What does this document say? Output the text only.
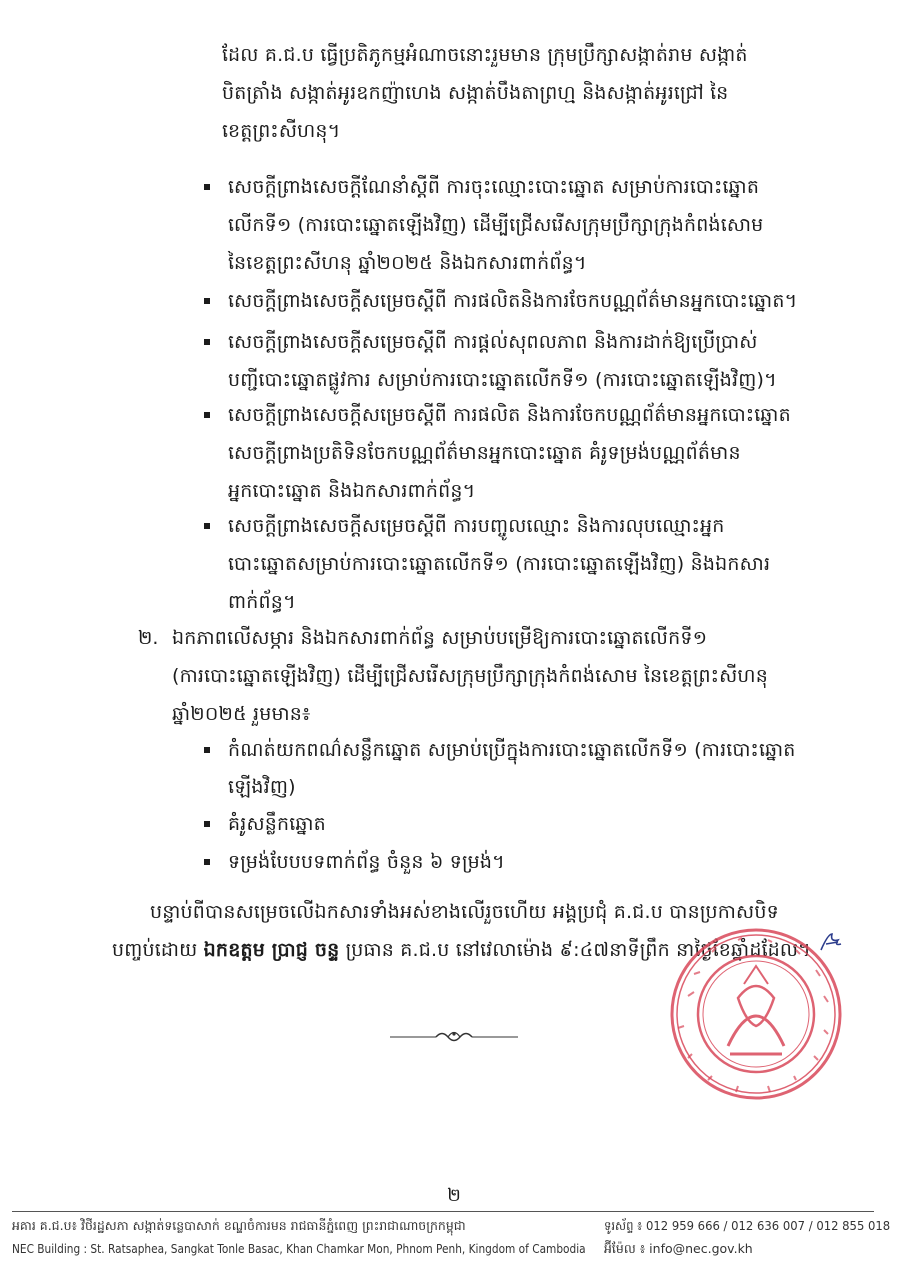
ដែល គ.ជ.ប ធ្វើប្រតិភូកម្មអំណាចនោះរួមមាន ក្រុមប្រឹក្សាសង្កាត់រាម សង្កាត់
បិតត្រាំង សង្កាត់អូរឧកញ៉ាហេង សង្កាត់បឹងតាព្រហ្ម និងសង្កាត់អូរជ្រៅ នៃ
ខេត្តព្រះសីហនុ។
សេចក្តីព្រាងសេចក្តីណែនាំស្តីពី ការចុះឈ្មោះបោះឆ្នោត សម្រាប់ការបោះឆ្នោត
លើកទី១ (ការបោះឆ្នោតឡើងវិញ) ដើម្បីជ្រើសរើសក្រុមប្រឹក្សាក្រុងកំពង់សោម
នៃខេត្តព្រះសីហនុ ឆ្នាំ២០២៥ និងឯកសារពាក់ព័ន្ធ។
សេចក្តីព្រាងសេចក្តីសម្រេចស្តីពី ការផលិតនិងការចែកបណ្ណព័ត៌មានអ្នកបោះឆ្នោត។
សេចក្តីព្រាងសេចក្តីសម្រេចស្តីពី ការផ្តល់សុពលភាព និងការដាក់ឱ្យប្រើប្រាស់
បញ្ជីបោះឆ្នោតផ្លូវការ សម្រាប់ការបោះឆ្នោតលើកទី១ (ការបោះឆ្នោតឡើងវិញ)។
សេចក្តីព្រាងសេចក្តីសម្រេចស្តីពី ការផលិត និងការចែកបណ្ណព័ត៌មានអ្នកបោះឆ្នោត
សេចក្តីព្រាងប្រតិទិនចែកបណ្ណព័ត៌មានអ្នកបោះឆ្នោត គំរូទម្រង់បណ្ណព័ត៌មាន
អ្នកបោះឆ្នោត និងឯកសារពាក់ព័ន្ធ។
សេចក្តីព្រាងសេចក្តីសម្រេចស្តីពី ការបញ្ចូលឈ្មោះ និងការលុបឈ្មោះអ្នក
បោះឆ្នោតសម្រាប់ការបោះឆ្នោតលើកទី១ (ការបោះឆ្នោតឡើងវិញ) និងឯកសារ
ពាក់ព័ន្ធ។
២. ឯកភាពលើសម្ភារ និងឯកសារពាក់ព័ន្ធ សម្រាប់បម្រើឱ្យការបោះឆ្នោតលើកទី១
(ការបោះឆ្នោតឡើងវិញ) ដើម្បីជ្រើសរើសក្រុមប្រឹក្សាក្រុងកំពង់សោម នៃខេត្តព្រះសីហនុ
ឆ្នាំ២០២៥ រួមមាន៖
កំណត់យកពណ៌សន្លឹកឆ្នោត សម្រាប់ប្រើក្នុងការបោះឆ្នោតលើកទី១ (ការបោះឆ្នោត
ឡើងវិញ)
គំរូសន្លឹកឆ្នោត
ទម្រង់បែបបទពាក់ព័ន្ធ ចំនួន ៦ ទម្រង់។
បន្ទាប់ពីបានសម្រេចលើឯកសារទាំងអស់ខាងលើរួចហើយ អង្គប្រជុំ គ.ជ.ប បានប្រកាសបិទ
បញ្ចប់ដោយ ឯកឧត្តម ប្រាជ្ញ ចន្ទ ប្រធាន គ.ជ.ប នៅវេលាម៉ោង ៩:៤៧នាទីព្រឹក នាថ្ងៃខែឆ្នាំដដែល។
២
អគារ គ.ជ.ប៖ វិថីរដ្ឋសភា សង្កាត់ទន្លេបាសាក់ ខណ្ឌចំការមន រាជធានីភ្នំពេញ ព្រះរាជាណាចក្រកម្ពុជា
NEC Building : St. Ratsaphea, Sangkat Tonle Basac, Khan Chamkar Mon, Phnom Penh, Kingdom of Cambodia
ទូរស័ព្ទ ៖ 012 959 666 / 012 636 007 / 012 855 018
អ៊ីម៉ែល ៖ info@nec.gov.kh
